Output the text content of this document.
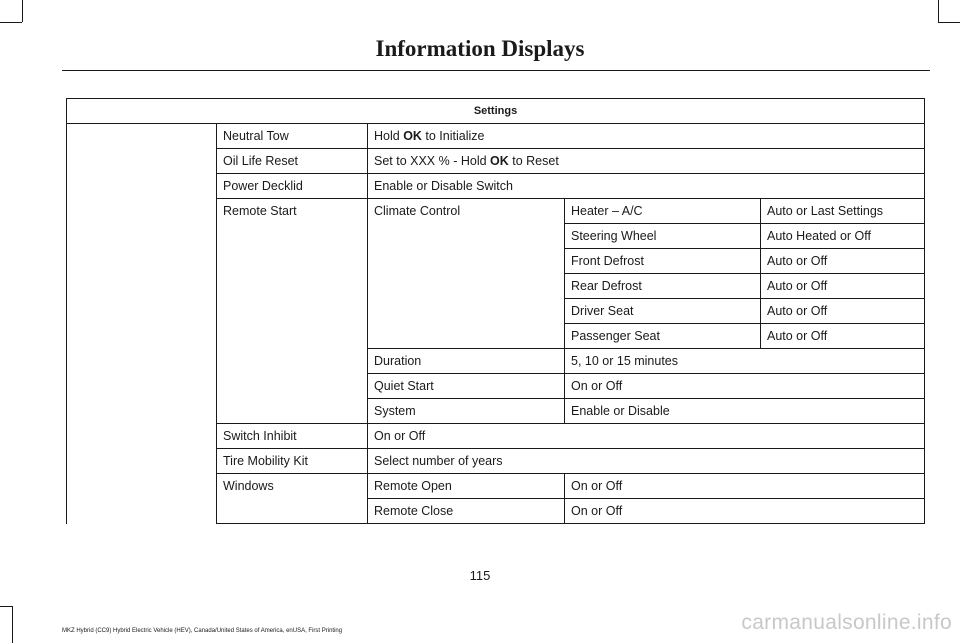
Information Displays
Settings				
	Neutral Tow	Hold OK to Initialize		
	Oil Life Reset	Set to XXX % - Hold OK to Reset		
	Power Decklid	Enable or Disable Switch		
	Remote Start	Climate Control	Heater – A/C	Auto or Last Settings
			Steering Wheel	Auto Heated or Off
			Front Defrost	Auto or Off
			Rear Defrost	Auto or Off
			Driver Seat	Auto or Off
			Passenger Seat	Auto or Off
		Duration	5, 10 or 15 minutes	
		Quiet Start	On or Off	
		System	Enable or Disable	
	Switch Inhibit	On or Off		
	Tire Mobility Kit	Select number of years		
	Windows	Remote Open	On or Off	
		Remote Close	On or Off	
115
MKZ Hybrid (CC9) Hybrid Electric Vehicle (HEV), Canada/United States of America, enUSA, First Printing	carmanualsonline.info
